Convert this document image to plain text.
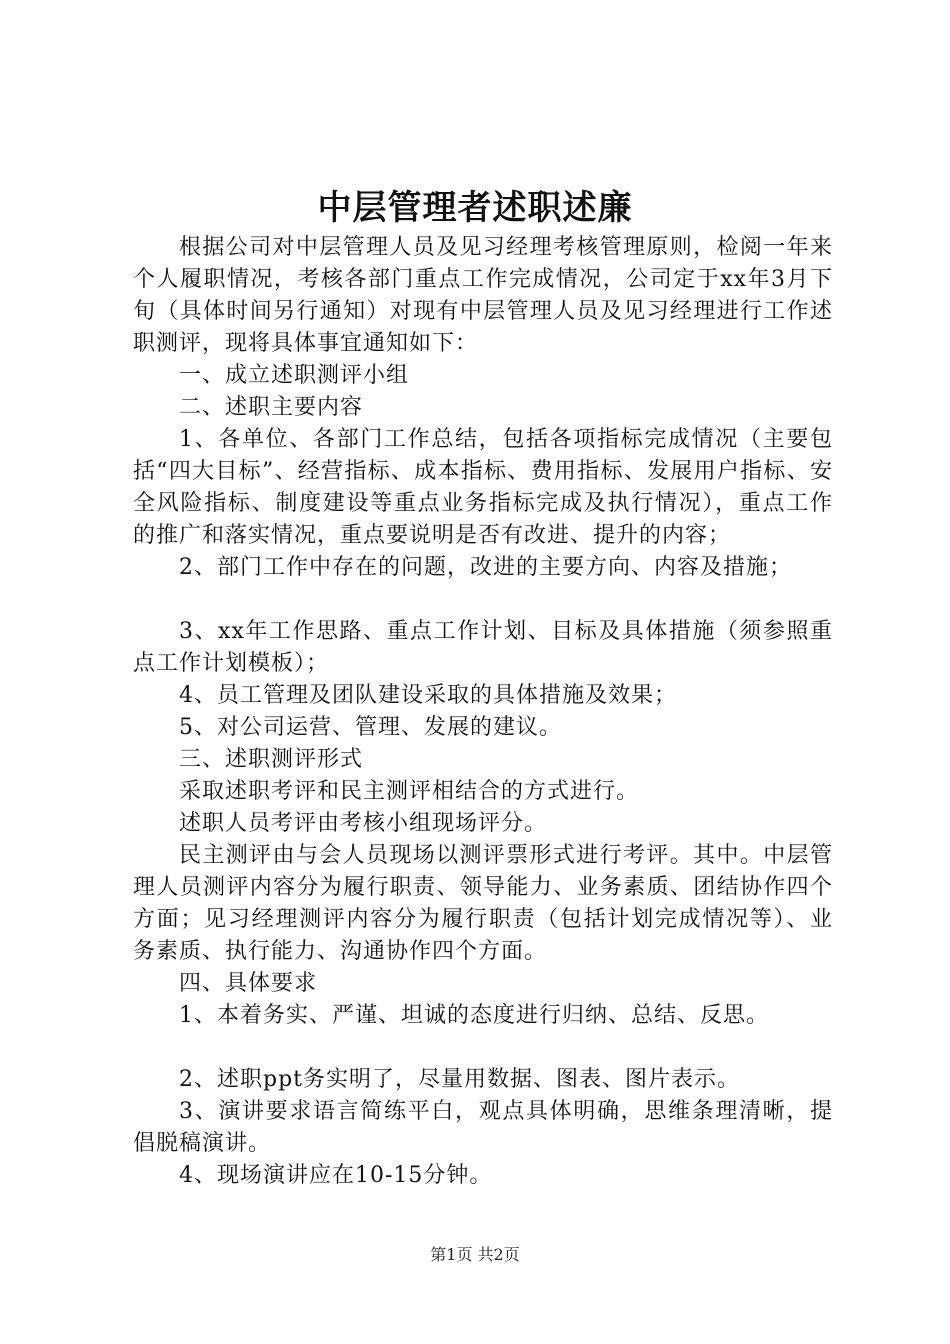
中层管理者述职述廉

根据公司对中层管理人员及见习经理考核管理原则，检阅一年来个人履职情况，考核各部门重点工作完成情况，公司定于xx年3月下旬（具体时间另行通知）对现有中层管理人员及见习经理进行工作述职测评，现将具体事宜通知如下：

一、成立述职测评小组

二、述职主要内容

1、各单位、各部门工作总结，包括各项指标完成情况（主要包括“四大目标”、经营指标、成本指标、费用指标、发展用户指标、安全风险指标、制度建设等重点业务指标完成及执行情况），重点工作的推广和落实情况，重点要说明是否有改进、提升的内容；

2、部门工作中存在的问题，改进的主要方向、内容及措施；

3、xx年工作思路、重点工作计划、目标及具体措施（须参照重点工作计划模板）；

4、员工管理及团队建设采取的具体措施及效果；

5、对公司运营、管理、发展的建议。

三、述职测评形式

采取述职考评和民主测评相结合的方式进行。

述职人员考评由考核小组现场评分。

民主测评由与会人员现场以测评票形式进行考评。其中。中层管理人员测评内容分为履行职责、领导能力、业务素质、团结协作四个方面；见习经理测评内容分为履行职责（包括计划完成情况等）、业务素质、执行能力、沟通协作四个方面。

四、具体要求

1、本着务实、严谨、坦诚的态度进行归纳、总结、反思。

2、述职ppt务实明了，尽量用数据、图表、图片表示。

3、演讲要求语言简练平白，观点具体明确，思维条理清晰，提倡脱稿演讲。

4、现场演讲应在10-15分钟。

第1页 共2页
